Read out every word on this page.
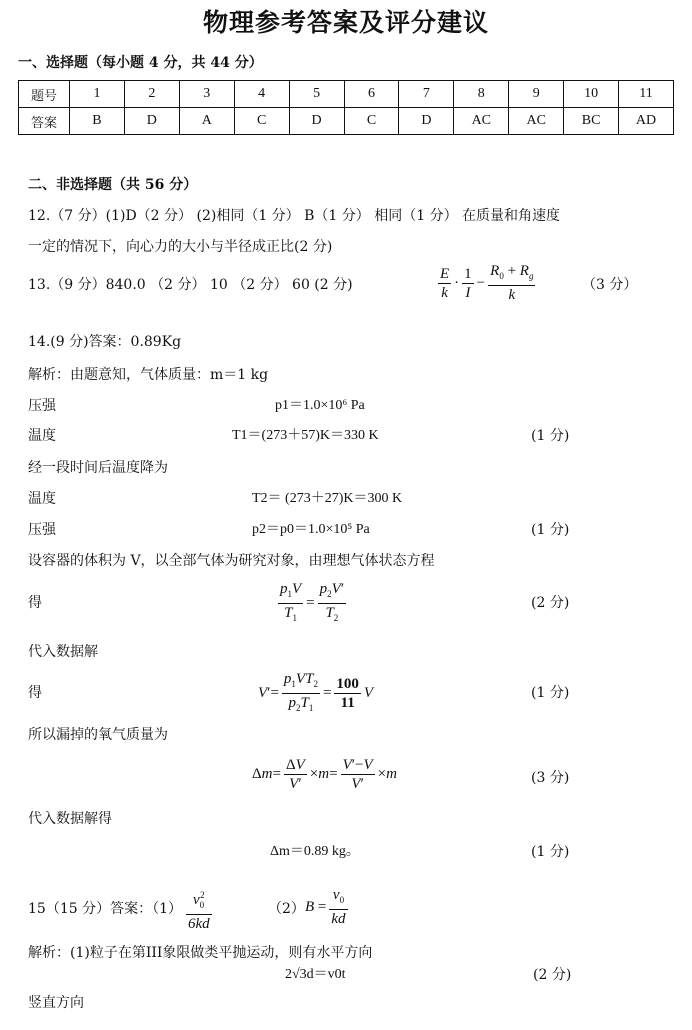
物理参考答案及评分建议
一、选择题（每小题 4 分，共 44 分）
题号	1	2	3	4	5	6	7	8	9	10	11
答案	B	D	A	C	D	C	D	AC	AC	BC	AD
二、非选择题（共 56 分）
12.（7 分）(1)D（2 分） (2)相同（1 分） B（1 分） 相同（1 分） 在质量和角速度
一定的情况下，向心力的大小与半径成正比(2 分)
13.（9 分）840.0 （2 分） 10 （2 分） 60 (2 分)	$\frac{E}{k} \cdot \frac{1}{I} - \frac{R_0 + R_g}{k}$	（3 分）
14.(9 分)答案：0.89Kg
解析：由题意知，气体质量：m＝1 kg
压强	p1＝1.0×10⁶ Pa
温度	T1＝(273＋57)K＝330 K	(1 分)
经一段时间后温度降为
温度	T2＝ (273＋27)K＝300 K
压强	p2＝p0＝1.0×10⁵ Pa	(1 分)
设容器的体积为 V，以全部气体为研究对象，由理想气体状态方程
得	$\frac{p_1V}{T_1} = \frac{p_2V'}{T_2}$	(2 分)
代入数据解
得	$V'= \frac{p_1VT_2}{p_2T_1} = \frac{100}{11}$ V	(1 分)
所以漏掉的氧气质量为
$\Delta m= \frac{\Delta V}{V'} \times m= \frac{V'-V}{V'} \times m$	(3 分)
代入数据解得
Δm＝0.89 kg。	(1 分)
15（15 分）答案：$(1) \frac{v_0^2}{6kd}$	（2） $B = \frac{v_0}{kd}$
解析：(1)粒子在第III象限做类平抛运动，则有水平方向
2√3d＝v0t	(2 分)
竖直方向
